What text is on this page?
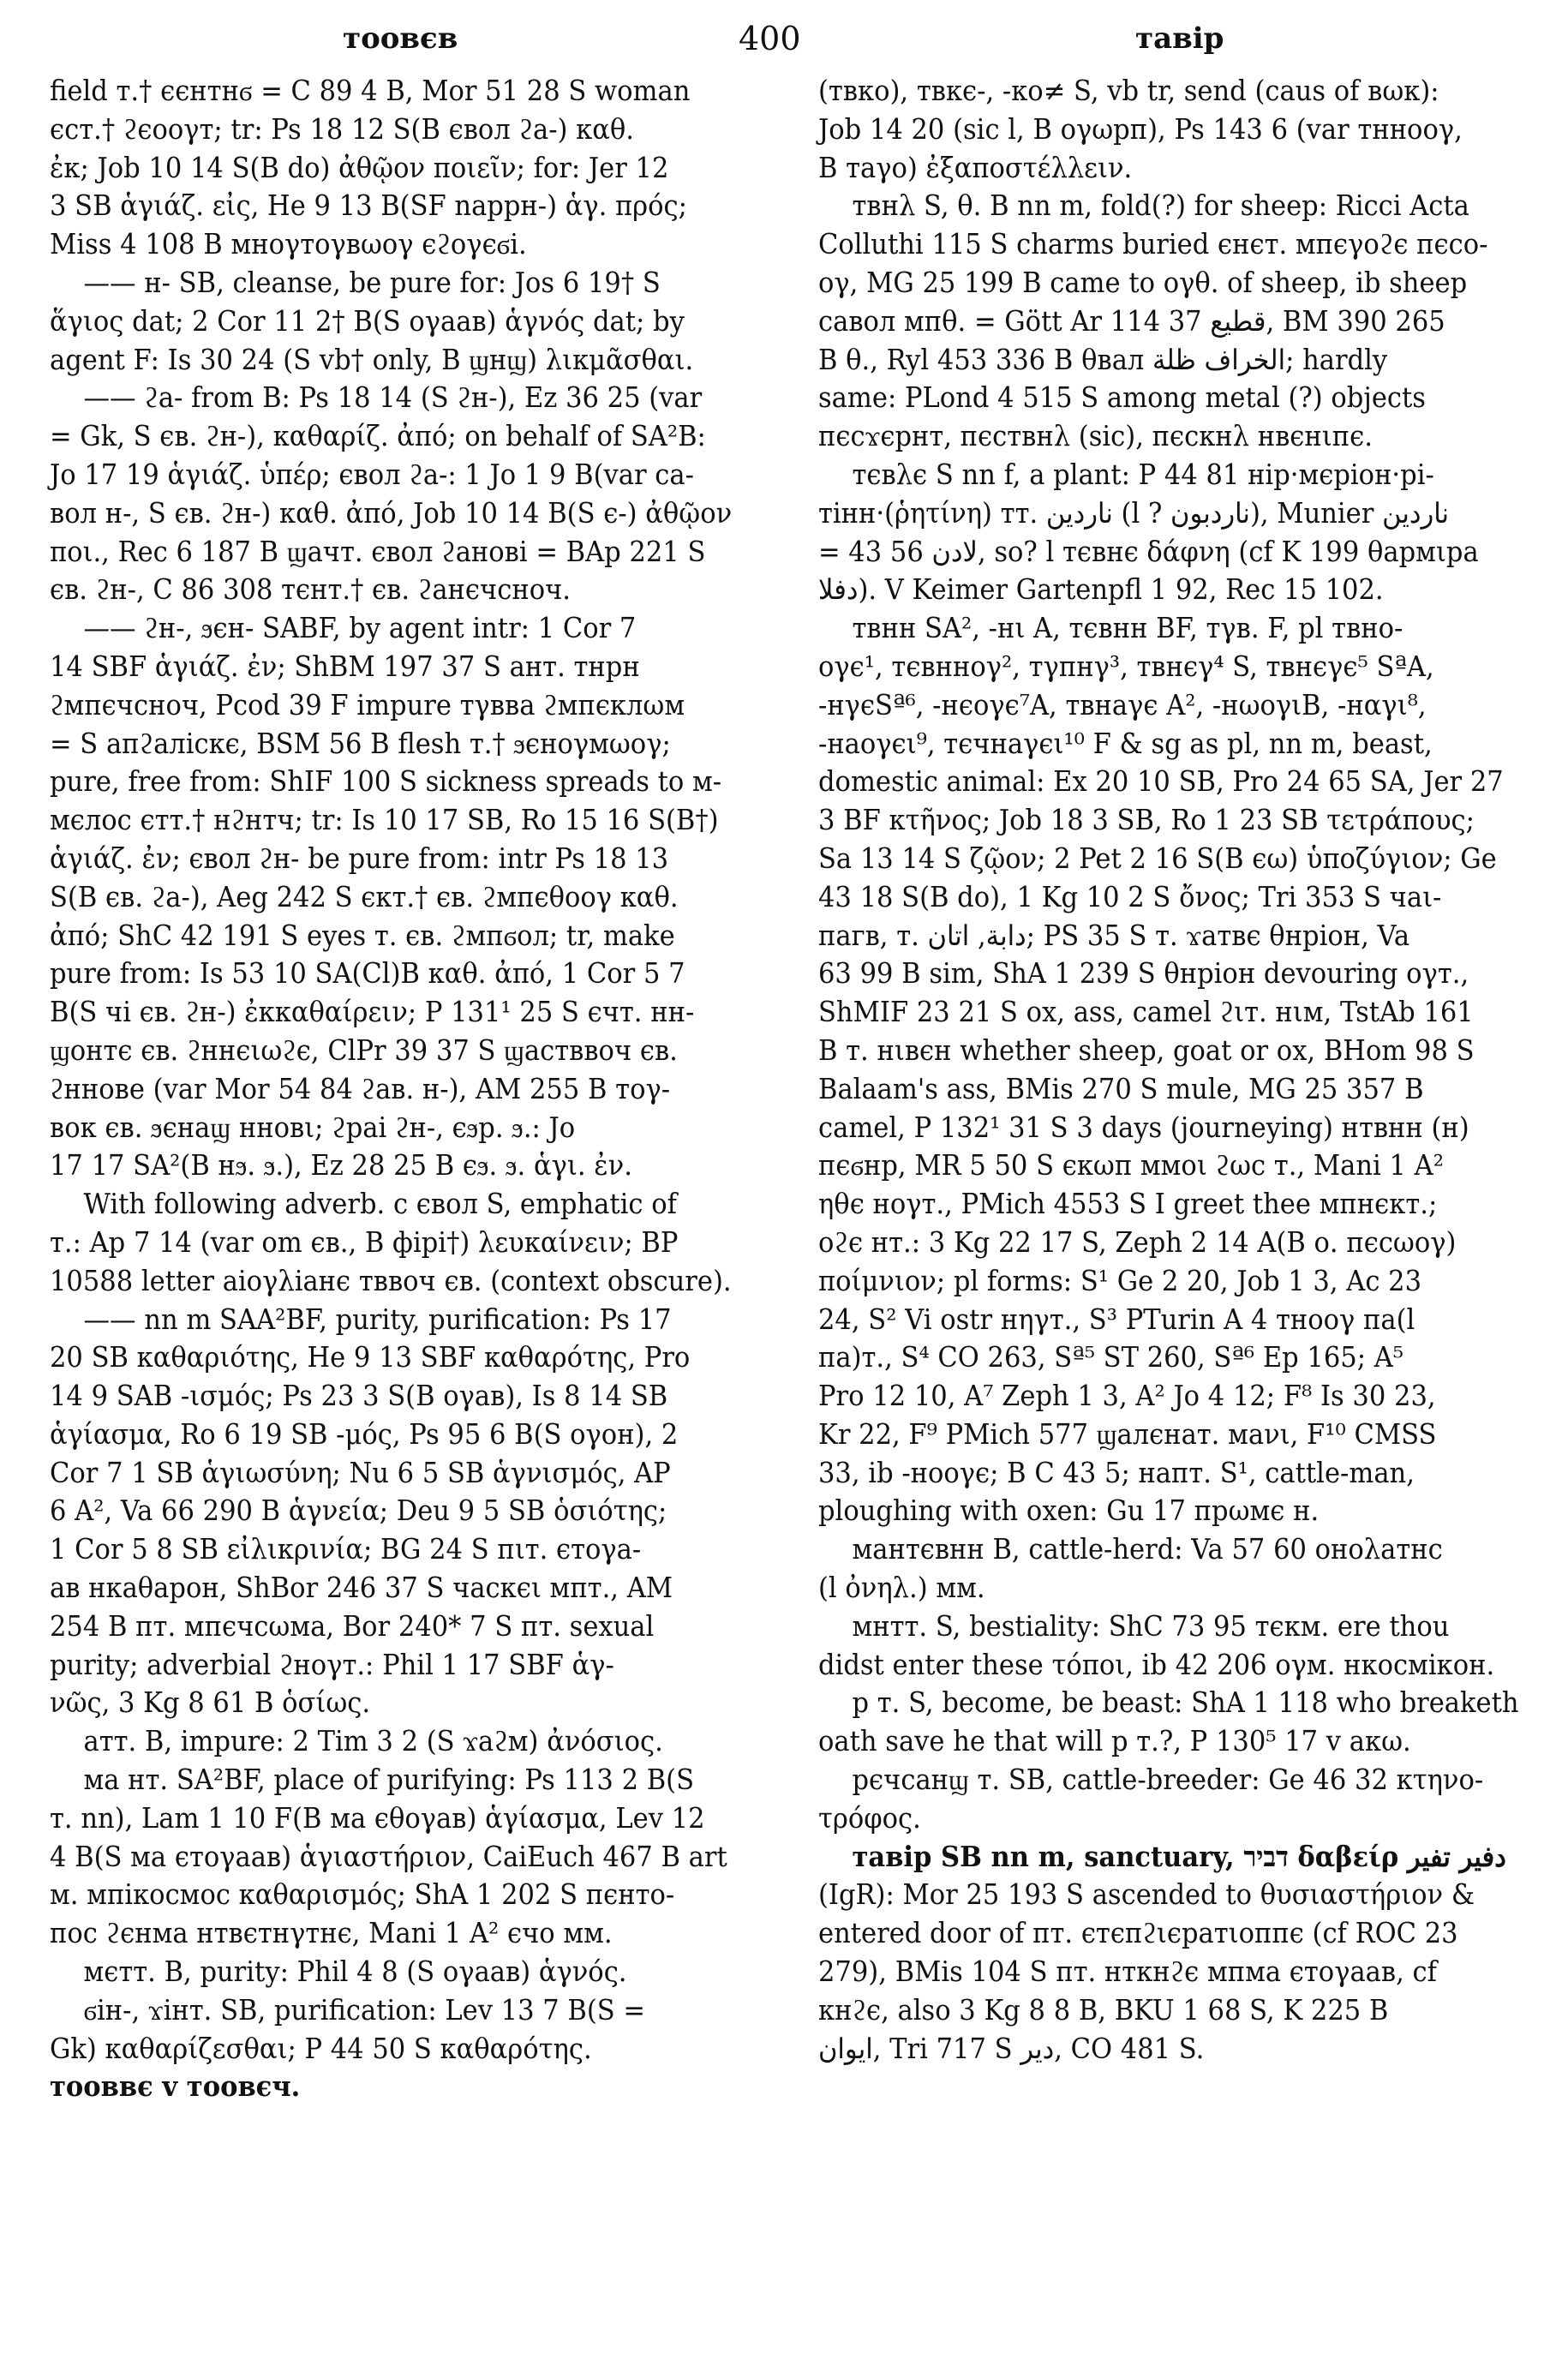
тоовєв	400	тавір

field т.† єєнтнϭ = C 89 4 B, Mor 51 28 S woman

єст.† ϩєоογт; tr: Ps 18 12 S(B євол ϩа-) καθ.

ἐκ; Job 10 14 S(B do) ἀθῷον ποιεῖν; for: Jer 12

3 SB ἁγιάζ. εἰς, He 9 13 B(SF napрн-) ἁγ. πρός;

Miss 4 108 B мноγтоγвωоγ єϩоγєϭі.

—— н- SB, cleanse, be pure for: Jos 6 19† S

ἅγιος dat; 2 Cor 11 2† B(S оγаав) ἁγνός dat; by

agent F: Is 30 24 (S vb† only, B ϣнϣ) λικμᾶσθαι.

—— ϩа- from B: Ps 18 14 (S ϩн-), Ez 36 25 (var

= Gk, S єв. ϩн-), καθαρίζ. ἀπό; on behalf of SA²B:

Jo 17 19 ἁγιάζ. ὑπέρ; євол ϩа-: 1 Jo 1 9 B(var са-

вол н-, S єв. ϩн-) καθ. ἀπό, Job 10 14 B(S є-) ἀθῷον

ποι., Rec 6 187 B ϣачт. євол ϩанові = BAp 221 S

єв. ϩн-, C 86 308 тєнт.† єв. ϩанєчсноч.

—— ϩн-, ϧєн- SABF, by agent intr: 1 Cor 7

14 SBF ἁγιάζ. ἐν; ShBM 197 37 S ант. тнрн

ϩмпєчсноч, Pcod 39 F impure тγвва ϩмпєклωм

= S апϩаліскє, BSM 56 B flesh т.† ϧєноγмωоγ;

pure, free from: ShIF 100 S sickness spreads to м-

мєлос єтт.† нϩнтч; tr: Is 10 17 SB, Ro 15 16 S(B†)

ἁγιάζ. ἐν; євол ϩн- be pure from: intr Ps 18 13

S(B єв. ϩа-), Aeg 242 S єкт.† єв. ϩмпєθооγ καθ.

ἀπό; ShC 42 191 S eyes т. єв. ϩмпϭол; tr, make

pure from: Is 53 10 SA(Cl)B καθ. ἀπό, 1 Cor 5 7

B(S чі єв. ϩн-) ἐκκαθαίρειν; P 131¹ 25 S єчт. нн-

ϣонтє єв. ϩннєιωϩє, ClPr 39 37 S ϣастввоч єв.

ϩннове (var Mor 54 84 ϩав. н-), AM 255 B тоγ-

вок єв. ϧєнаϣ нновι; ϩраі ϩн-, єϧр. ϧ.: Jo

17 17 SA²(B нϧ. ϧ.), Ez 28 25 B єϧ. ϧ. ἁγι. ἐν.

With following adverb. с євол S, emphatic of

т.: Ap 7 14 (var om єв., B фірі†) λευκαίνειν; BP

10588 letter аіоγλіанє тввоч єв. (context obscure).

—— nn m SAA²BF, purity, purification: Ps 17

20 SB καθαριότης, He 9 13 SBF καθαρότης, Pro

14 9 SAB -ισμός; Ps 23 3 S(B оγав), Is 8 14 SB

ἁγίασμα, Ro 6 19 SB -μός, Ps 95 6 B(S оγон), 2

Cor 7 1 SB ἁγιωσύνη; Nu 6 5 SB ἁγνισμός, AP

6 A², Va 66 290 B ἁγνεία; Deu 9 5 SB ὁσιότης;

1 Cor 5 8 SB εἰλικρινία; BG 24 S пιт. єтоγа-

ав нкаθарон, ShBor 246 37 S часкєι мпт., AM

254 B пт. мпєчсωма, Bor 240* 7 S пт. sexual

purity; adverbial ϩноγт.: Phil 1 17 SBF ἁγ-

νῶς, 3 Kg 8 61 B ὁσίως.

атт. B, impure: 2 Tim 3 2 (S ϫаϩм) ἀνόσιος.

ма нт. SA²BF, place of purifying: Ps 113 2 B(S

т. nn), Lam 1 10 F(B ма єθоγав) ἁγίασμα, Lev 12

4 B(S ма єтоγаав) ἁγιαστήριον, CaiEuch 467 B art

м. мпікосмос καθαρισμός; ShA 1 202 S пєнто-

пос ϩєнма нтвєтнγтнє, Mani 1 A² єчо мм.

мєтт. B, purity: Phil 4 8 (S оγаав) ἁγνός.

ϭін-, ϫінт. SB, purification: Lev 13 7 B(S =

Gk) καθαρίζεσθαι; P 44 50 S καθαρότης.

тооввє v тоовєч.

(твко), твкє-, -ко≠ S, vb tr, send (caus of вωк):

Job 14 20 (sic l, B оγωрп), Ps 143 6 (var тнноογ,

B таγо) ἐξαποστέλλειν.

твнλ S, θ. B nn m, fold(?) for sheep: Ricci Acta

Colluthi 115 S charms buried єнєт. мпєγоϩє пєсо-

оγ, MG 25 199 B came to оγθ. of sheep, ib sheep

савол мпθ. = Gött Ar 114 37 قطيع, BM 390 265

B θ., Ryl 453 336 B θвал الخراف ظلة; hardly

same: PLond 4 515 S among metal (?) objects

пєсϫєрнт, пєствнλ (sic), пєскнλ нвєнιпє.

тєвλє S nn f, a plant: P 44 81 нір·мєріон·рі-

тінн·(ῥητίνη) тт. ناردين (l ? ناردبون), Munier ناردين

= 43 56 لادن, so? l тєвнє δάφνη (cf K 199 θармιра

دفلا). V Keimer Gartenpfl 1 92, Rec 15 102.

твнн SA², -нι A, тєвнн BF, тγв. F, pl твно-

оγє¹, тєвнноγ², тγпнγ³, твнєγ⁴ S, твнєγє⁵ SªA,

-нγєSª⁶, -нєоγє⁷A, твнаγє A², -нωоγιB, -нαγι⁸,

-наоγєι⁹, тєчнаγєι¹⁰ F & sg as pl, nn m, beast,

domestic animal: Ex 20 10 SB, Pro 24 65 SA, Jer 27

3 BF κτῆνος; Job 18 3 SB, Ro 1 23 SB τετράπους;

Sa 13 14 S ζῷον; 2 Pet 2 16 S(B єω) ὑποζύγιον; Ge

43 18 S(B do), 1 Kg 10 2 S ὄνος; Tri 353 S чаι-

пагв, т. دابة, اتان; PS 35 S т. ϫатвє θнріон, Va

63 99 B sim, ShA 1 239 S θнріон devouring оγт.,

ShMIF 23 21 S ox, ass, camel ϩιт. нιм, TstAb 161

B т. нιвєн whether sheep, goat or ox, BHom 98 S

Balaam's ass, BMis 270 S mule, MG 25 357 B

camel, P 132¹ 31 S 3 days (journeying) нтвнн (н)

пєϭнр, MR 5 50 S єкωп ммоι ϩωс т., Mani 1 A²

ηθє ноγт., PMich 4553 S I greet thee мпнєкт.;

оϩє нт.: 3 Kg 22 17 S, Zeph 2 14 A(B о. пєсωоγ)

ποίμνιον; pl forms: S¹ Ge 2 20, Job 1 3, Ac 23

24, S² Vi ostr нηγт., S³ PTurin A 4 тнооγ па(l

па)т., S⁴ CO 263, Sª⁵ ST 260, Sª⁶ Ep 165; A⁵

Pro 12 10, A⁷ Zeph 1 3, A² Jo 4 12; F⁸ Is 30 23,

Kr 22, F⁹ PMich 577 ϣалєнат. маνι, F¹⁰ CMSS

33, ib -нооγє; B C 43 5; напт. S¹, cattle-man,

ploughing with oxen: Gu 17 прωмє н.

мантєвнн B, cattle-herd: Va 57 60 оноλатнс

(l ὀνηλ.) мм.

мнтт. S, bestiality: ShC 73 95 тєкм. ere thou

didst enter these τόποι, ib 42 206 оγм. нкосмікон.

р т. S, become, be beast: ShA 1 118 who breaketh

oath save he that will р т.?, P 130⁵ 17 v акω.

рєчсанϣ т. SB, cattle-breeder: Ge 46 32 κτηνο-

τρόφος.

тавір SB nn m, sanctuary, דביר δαβείρ دفير تفير

(IgR): Mor 25 193 S ascended to θυσιαστήριον &

entered door of пт. єтєпϩιєратιоппє (cf ROC 23

279), BMis 104 S пт. нткнϩє мпма єтоγаав, cf

кнϩє, also 3 Kg 8 8 B, BKU 1 68 S, K 225 B

ايوان, Tri 717 S دير, CO 481 S.
